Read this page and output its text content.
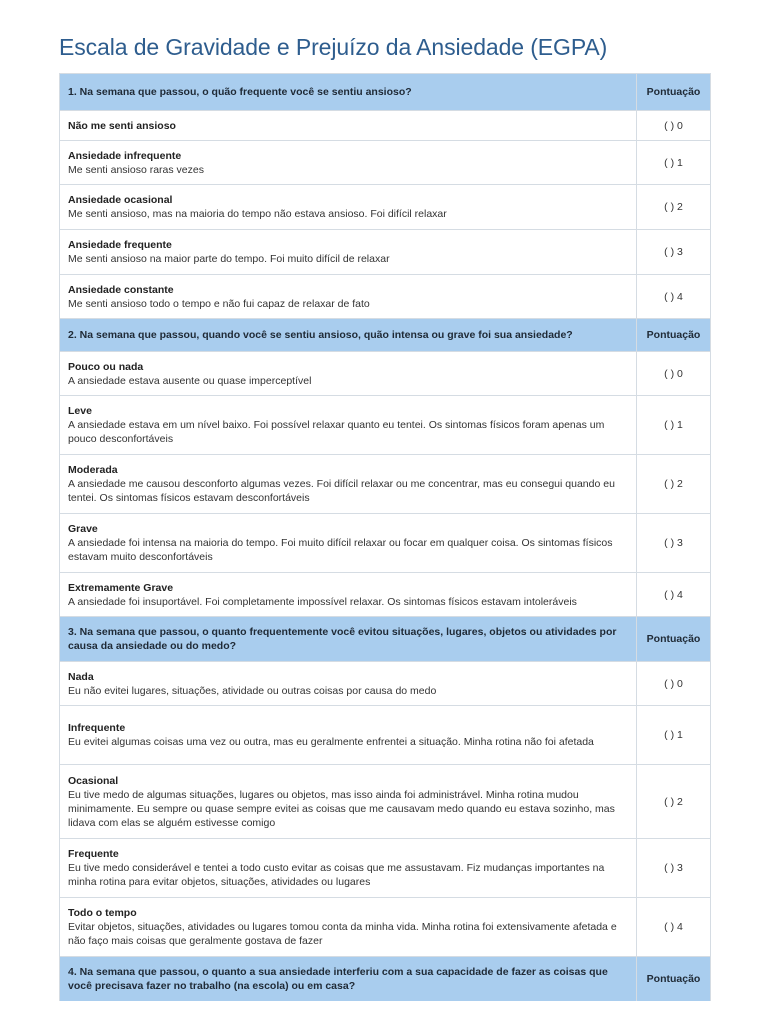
Escala de Gravidade e Prejuízo da Ansiedade (EGPA)
1. Na semana que passou, o quão frequente você se sentiu ansioso?	Pontuação

Não me senti ansioso	( ) 0

Ansiedade infrequente
Me senti ansioso raras vezes	( ) 1

Ansiedade ocasional
Me senti ansioso, mas na maioria do tempo não estava ansioso. Foi difícil relaxar	( ) 2

Ansiedade frequente
Me senti ansioso na maior parte do tempo. Foi muito difícil de relaxar	( ) 3

Ansiedade constante
Me senti ansioso todo o tempo e não fui capaz de relaxar de fato	( ) 4
2. Na semana que passou, quando você se sentiu ansioso, quão intensa ou grave foi sua ansiedade?	Pontuação

Pouco ou nada
A ansiedade estava ausente ou quase imperceptível	( ) 0

Leve
A ansiedade estava em um nível baixo. Foi possível relaxar quanto eu tentei. Os sintomas físicos foram apenas um pouco desconfortáveis	( ) 1

Moderada
A ansiedade me causou desconforto algumas vezes. Foi difícil relaxar ou me concentrar, mas eu consegui quando eu tentei. Os sintomas físicos estavam desconfortáveis	( ) 2

Grave
A ansiedade foi intensa na maioria do tempo. Foi muito difícil relaxar ou focar em qualquer coisa. Os sintomas físicos estavam muito desconfortáveis	( ) 3

Extremamente Grave
A ansiedade foi insuportável. Foi completamente impossível relaxar. Os sintomas físicos estavam intoleráveis	( ) 4
3. Na semana que passou, o quanto frequentemente você evitou situações, lugares, objetos ou atividades por causa da ansiedade ou do medo?	Pontuação

Nada
Eu não evitei lugares, situações, atividade ou outras coisas por causa do medo	( ) 0

Infrequente
Eu evitei algumas coisas uma vez ou outra, mas eu geralmente enfrentei a situação. Minha rotina não foi afetada	( ) 1

Ocasional
Eu tive medo de algumas situações, lugares ou objetos, mas isso ainda foi administrável. Minha rotina mudou minimamente. Eu sempre ou quase sempre evitei as coisas que me causavam medo quando eu estava sozinho, mas lidava com elas se alguém estivesse comigo	( ) 2

Frequente
Eu tive medo considerável e tentei a todo custo evitar as coisas que me assustavam. Fiz mudanças importantes na minha rotina para evitar objetos, situações, atividades ou lugares	( ) 3

Todo o tempo
Evitar objetos, situações, atividades ou lugares tomou conta da minha vida. Minha rotina foi extensivamente afetada e não faço mais coisas que geralmente gostava de fazer	( ) 4
4. Na semana que passou, o quanto a sua ansiedade interferiu com a sua capacidade de fazer as coisas que você precisava fazer no trabalho (na escola) ou em casa?	Pontuação
